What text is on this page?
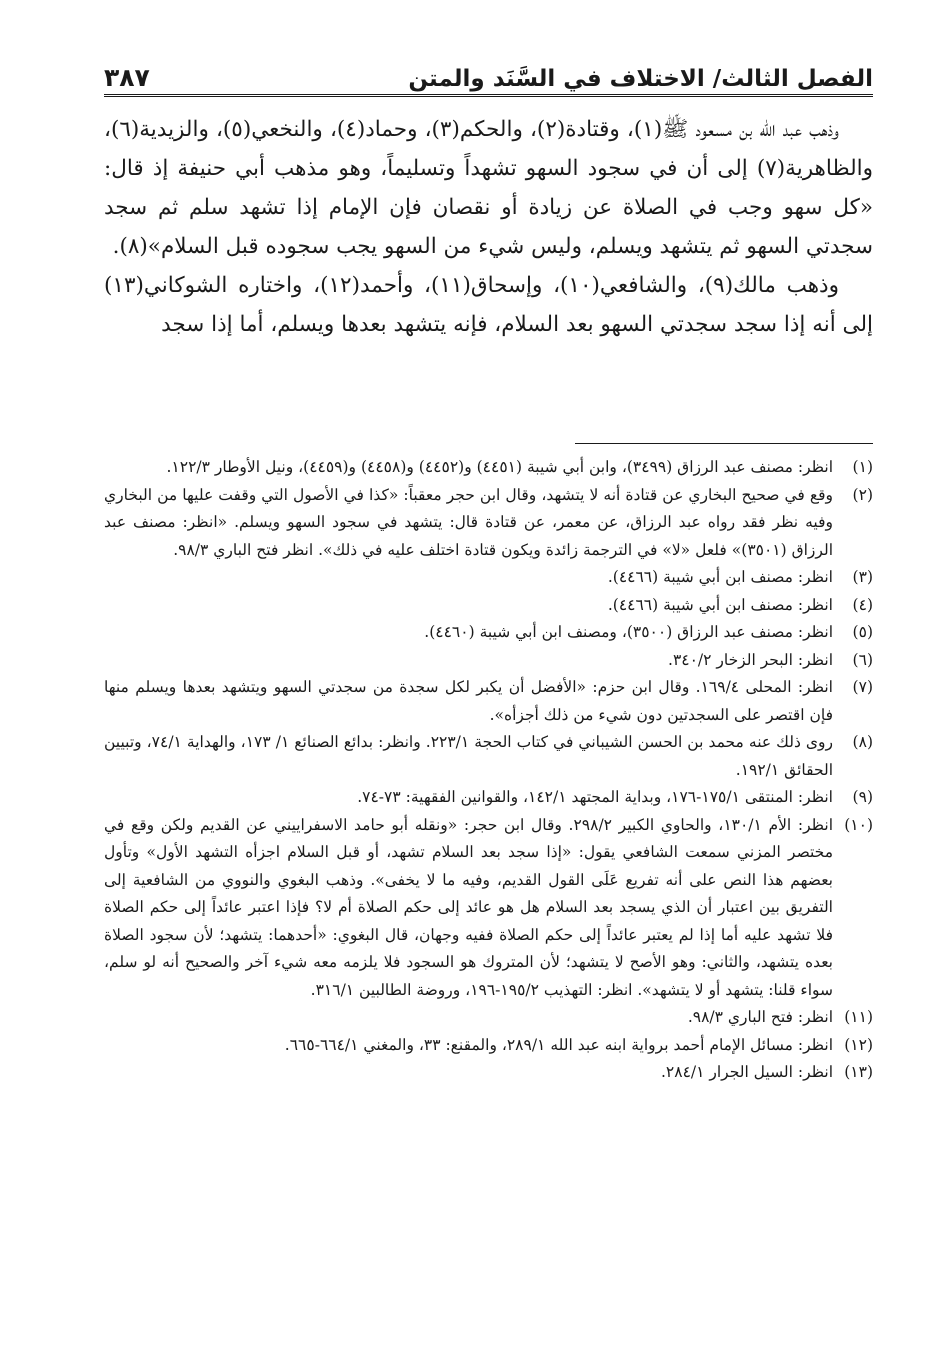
الفصل الثالث/ الاختلاف في السَّنَد والمتن
٣٨٧

وذهب عبد الله بن مسعود ﷺ(١)، وقتادة(٢)، والحكم(٣)، وحماد(٤)، والنخعي(٥)، والزيدية(٦)، والظاهرية(٧) إلى أن في سجود السهو تشهداً وتسليماً، وهو مذهب أبي حنيفة إذ قال: «كل سهو وجب في الصلاة عن زيادة أو نقصان فإن الإمام إذا تشهد سلم ثم سجد سجدتي السهو ثم يتشهد ويسلم، وليس شيء من السهو يجب سجوده قبل السلام»(٨).

وذهب مالك(٩)، والشافعي(١٠)، وإسحاق(١١)، وأحمد(١٢)، واختاره الشوكاني(١٣) إلى أنه إذا سجد سجدتي السهو بعد السلام، فإنه يتشهد بعدها ويسلم، أما إذا سجد

(١)
انظر: مصنف عبد الرزاق (٣٤٩٩)، وابن أبي شيبة (٤٤٥١) و(٤٤٥٢) و(٤٤٥٨) و(٤٤٥٩)، ونيل الأوطار ١٢٢/٣.
(٢)
وقع في صحيح البخاري عن قتادة أنه لا يتشهد، وقال ابن حجر معقباً: «كذا في الأصول التي وقفت عليها من البخاري وفيه نظر فقد رواه عبد الرزاق، عن معمر، عن قتادة قال: يتشهد في سجود السهو ويسلم. «انظر: مصنف عبد الرزاق (٣٥٠١)» فلعل «لا» في الترجمة زائدة ويكون قتادة اختلف عليه في ذلك». انظر فتح الباري ٩٨/٣.
(٣)
انظر: مصنف ابن أبي شيبة (٤٤٦٦).
(٤)
انظر: مصنف ابن أبي شيبة (٤٤٦٦).
(٥)
انظر: مصنف عبد الرزاق (٣٥٠٠)، ومصنف ابن أبي شيبة (٤٤٦٠).
(٦)
انظر: البحر الزخار ٣٤٠/٢.
(٧)
انظر: المحلى ١٦٩/٤. وقال ابن حزم: «الأفضل أن يكبر لكل سجدة من سجدتي السهو ويتشهد بعدها ويسلم منها فإن اقتصر على السجدتين دون شيء من ذلك أجزأه».
(٨)
روى ذلك عنه محمد بن الحسن الشيباني في كتاب الحجة ٢٢٣/١. وانظر: بدائع الصنائع ١/ ١٧٣، والهداية ٧٤/١، وتبيين الحقائق ١٩٢/١.
(٩)
انظر: المنتقى ١٧٥/١-١٧٦، وبداية المجتهد ١٤٢/١، والقوانين الفقهية: ٧٣-٧٤.
(١٠)
انظر: الأم ١٣٠/١، والحاوي الكبير ٢٩٨/٢. وقال ابن حجر: «ونقله أبو حامد الاسفراييني عن القديم ولكن وقع في مختصر المزني سمعت الشافعي يقول: «إذا سجد بعد السلام تشهد، أو قبل السلام اجزأه التشهد الأول» وتأول بعضهم هذا النص على أنه تفريع عَلَى القول القديم، وفيه ما لا يخفى». وذهب البغوي والنووي من الشافعية إلى التفريق بين اعتبار أن الذي يسجد بعد السلام هل هو عائد إلى حكم الصلاة أم لا؟ فإذا اعتبر عائداً إلى حكم الصلاة فلا تشهد عليه أما إذا لم يعتبر عائداً إلى حكم الصلاة ففيه وجهان، قال البغوي: «أحدهما: يتشهد؛ لأن سجود الصلاة بعده يتشهد، والثاني: وهو الأصح لا يتشهد؛ لأن المتروك هو السجود فلا يلزمه معه شيء آخر والصحيح أنه لو سلم، سواء قلنا: يتشهد أو لا يتشهد». انظر: التهذيب ١٩٥/٢-١٩٦، وروضة الطالبين ٣١٦/١.
(١١)
انظر: فتح الباري ٩٨/٣.
(١٢)
انظر: مسائل الإمام أحمد برواية ابنه عبد الله ٢٨٩/١، والمقنع: ٣٣، والمغني ٦٦٤/١-٦٦٥.
(١٣)
انظر: السيل الجرار ٢٨٤/١.
